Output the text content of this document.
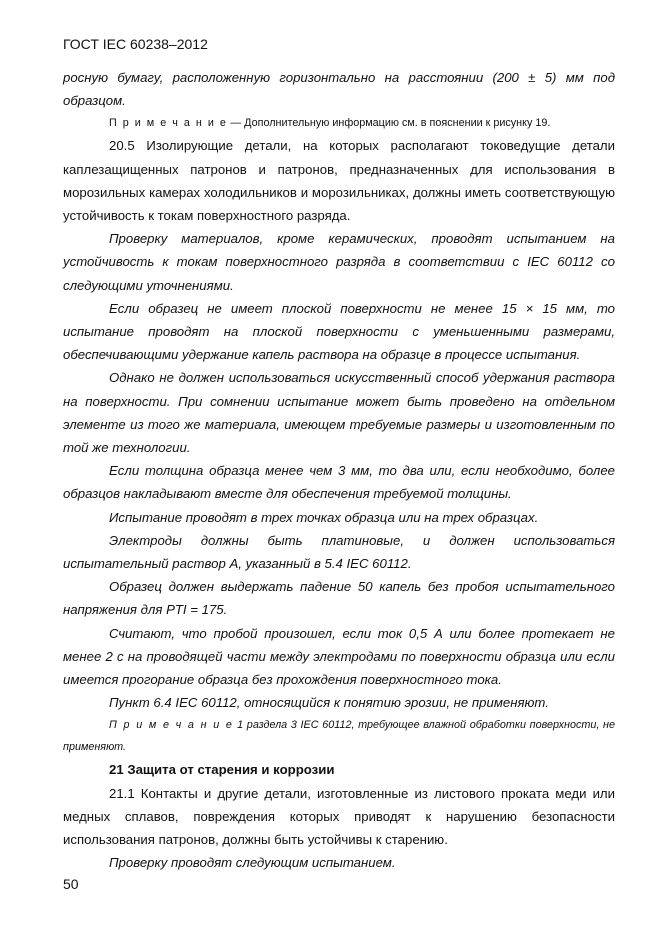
ГОСТ IEC 60238–2012

росную бумагу, расположенную горизонтально на расстоянии (200 ± 5) мм под образцом.

П р и м е ч а н и е — Дополнительную информацию см. в пояснении к рисунку 19.

20.5 Изолирующие детали, на которых располагают токоведущие детали каплезащищенных патронов и патронов, предназначенных для использования в морозильных камерах холодильников и морозильниках, должны иметь соответствующую устойчивость к токам поверхностного разряда.

Проверку материалов, кроме керамических, проводят испытанием на устойчивость к токам поверхностного разряда в соответствии с IEC 60112 со следующими уточнениями.

Если образец не имеет плоской поверхности не менее 15 × 15 мм, то испытание проводят на плоской поверхности с уменьшенными размерами, обеспечивающими удержание капель раствора на образце в процессе испытания.

Однако не должен использоваться искусственный способ удержания раствора на поверхности. При сомнении испытание может быть проведено на отдельном элементе из того же материала, имеющем требуемые размеры и изготовленным по той же технологии.

Если толщина образца менее чем 3 мм, то два или, если необходимо, более образцов накладывают вместе для обеспечения требуемой толщины.

Испытание проводят в трех точках образца или на трех образцах.

Электроды должны быть платиновые, и должен использоваться испытательный раствор А, указанный в 5.4 IEC 60112.

Образец должен выдержать падение 50 капель без пробоя испытательного напряжения для PTI = 175.

Считают, что пробой произошел, если ток 0,5 А или более протекает не менее 2 с на проводящей части между электродами по поверхности образца или если имеется прогорание образца без прохождения поверхностного тока.

Пункт 6.4 IEC 60112, относящийся к понятию эрозии, не применяют.

П р и м е ч а н и е 1 раздела 3 IEC 60112, требующее влажной обработки поверхности, не применяют.

21 Защита от старения и коррозии

21.1 Контакты и другие детали, изготовленные из листового проката меди или медных сплавов, повреждения которых приводят к нарушению безопасности использования патронов, должны быть устойчивы к старению.

Проверку проводят следующим испытанием.

50
